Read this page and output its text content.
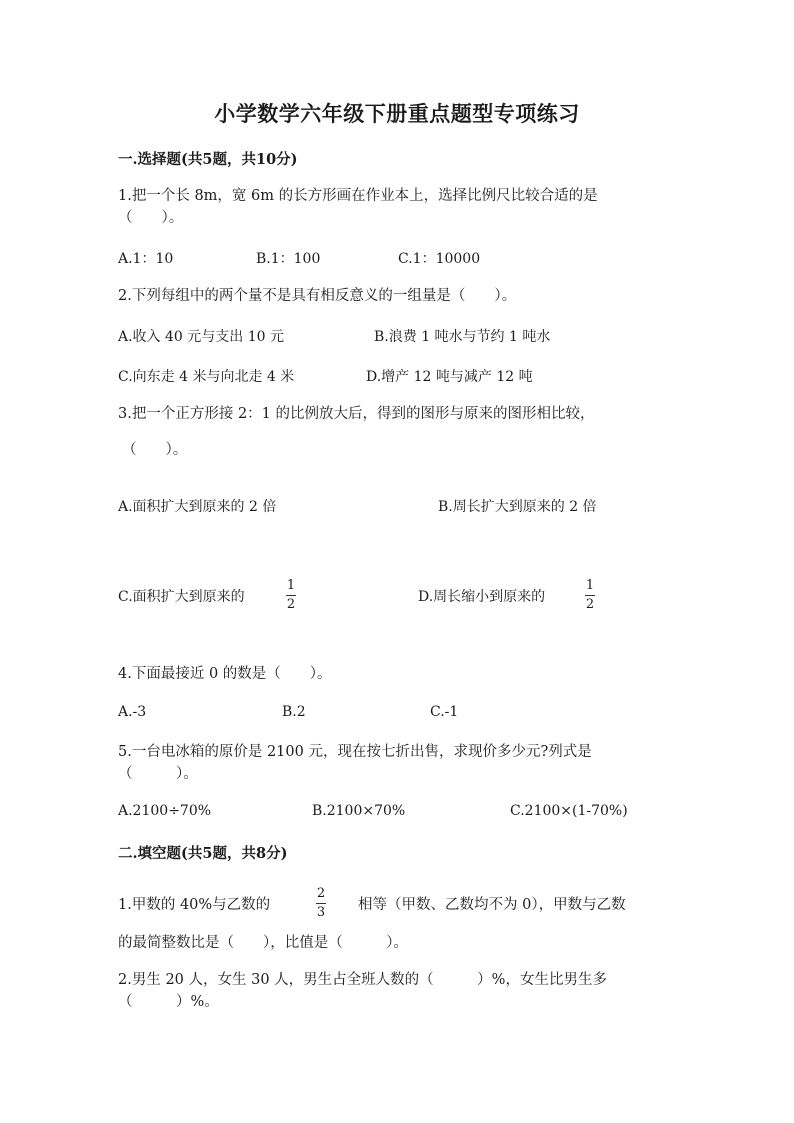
小学数学六年级下册重点题型专项练习
一.选择题(共5题，共10分)
1.把一个长 8m，宽 6m 的长方形画在作业本上，选择比例尺比较合适的是
（　　）。
A.1：10	B.1：100	C.1：10000
2.下列每组中的两个量不是具有相反意义的一组量是（　　）。
A.收入 40 元与支出 10 元	B.浪费 1 吨水与节约 1 吨水
C.向东走 4 米与向北走 4 米	D.增产 12 吨与减产 12 吨
3.把一个正方形接 2：1 的比例放大后，得到的图形与原来的图形相比较，
（　　）。
A.面积扩大到原来的 2 倍	B.周长扩大到原来的 2 倍
C.面积扩大到原来的
1
2	D.周长缩小到原来的
1
2
4.下面最接近 0 的数是（　　）。
A.-3	B.2	C.-1
5.一台电冰箱的原价是 2100 元，现在按七折出售，求现价多少元?列式是
（　　　）。
A.2100÷70%	B.2100×70%	C.2100×(1-70%)
二.填空题(共5题，共8分)
1.甲数的 40%与乙数的
2
3 相等（甲数、乙数均不为 0），甲数与乙数
的最简整数比是（　　），比值是（　　　）。
2.男生 20 人，女生 30 人，男生占全班人数的（　　　）%，女生比男生多
（　　　）%。
